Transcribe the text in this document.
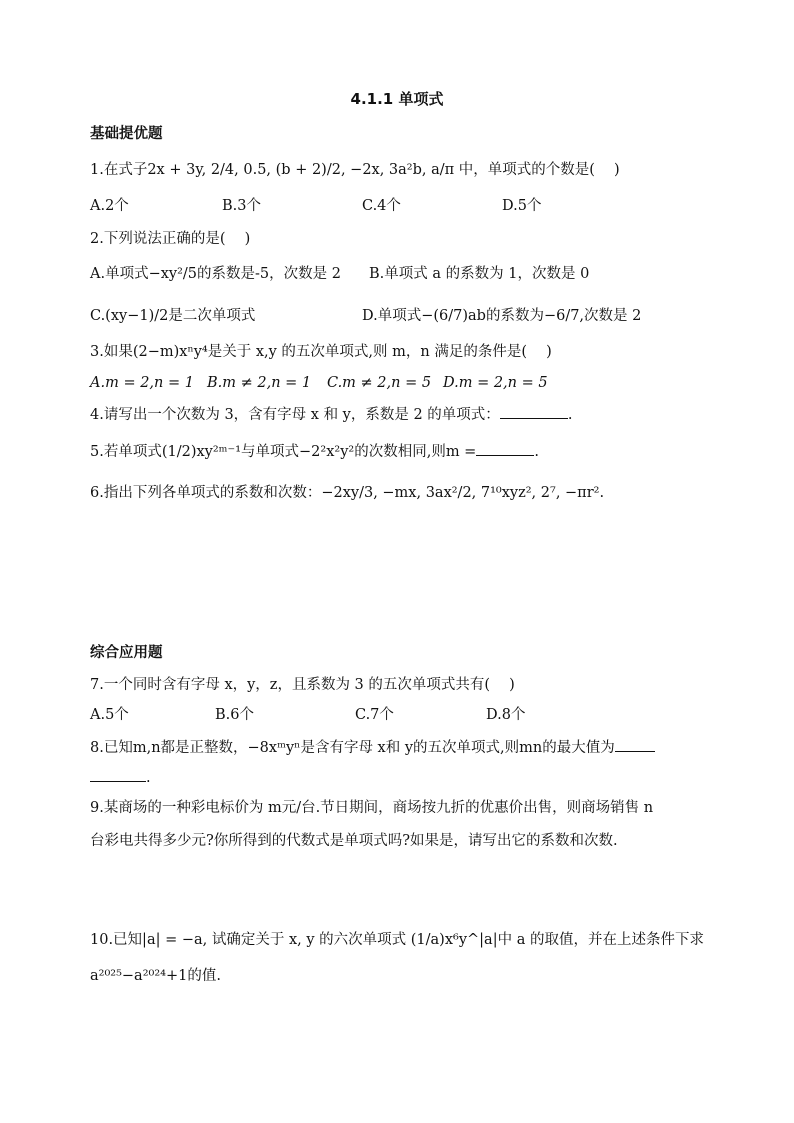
4.1.1 单项式
基础提优题
1.在式子2x + 3y, 2/4, 0.5, (b + 2)/2, −2x, 3a²b, a/π 中，单项式的个数是(　 )
A.2个	B.3个	C.4个	D.5个
2.下列说法正确的是(　 )
A.单项式−xy²/5的系数是-5，次数是 2 B.单项式 a 的系数为 1，次数是 0
C.(xy−1)/2是二次单项式	D.单项式−(6/7)ab的系数为−6/7,次数是 2
3.如果(2−m)xⁿy⁴是关于 x,y 的五次单项式,则 m，n 满足的条件是(　 )
A.m = 2,n = 1 B.m ≠ 2,n = 1 C.m ≠ 2,n = 5 D.m = 2,n = 5
4.请写出一个次数为 3，含有字母 x 和 y，系数是 2 的单项式：	.
5.若单项式(1/2)xy²ᵐ⁻¹与单项式−2²x²y²的次数相同,则m =	.
6.指出下列各单项式的系数和次数：−2xy/3, −mx, 3ax²/2, 7¹⁰xyz², 2⁷, −πr².
综合应用题
7.一个同时含有字母 x，y，z，且系数为 3 的五次单项式共有(　 )
A.5个	B.6个	C.7个	D.8个
8.已知m,n都是正整数，−8xᵐyⁿ是含有字母 x和 y的五次单项式,则mn的最大值为
.
9.某商场的一种彩电标价为 m元/台.节日期间，商场按九折的优惠价出售，则商场销售 n
台彩电共得多少元?你所得到的代数式是单项式吗?如果是，请写出它的系数和次数.
10.已知|a| = −a, 试确定关于 x, y 的六次单项式 (1/a)x⁶y^|a|中 a 的取值，并在上述条件下求
a²⁰²⁵−a²⁰²⁴+1的值.
